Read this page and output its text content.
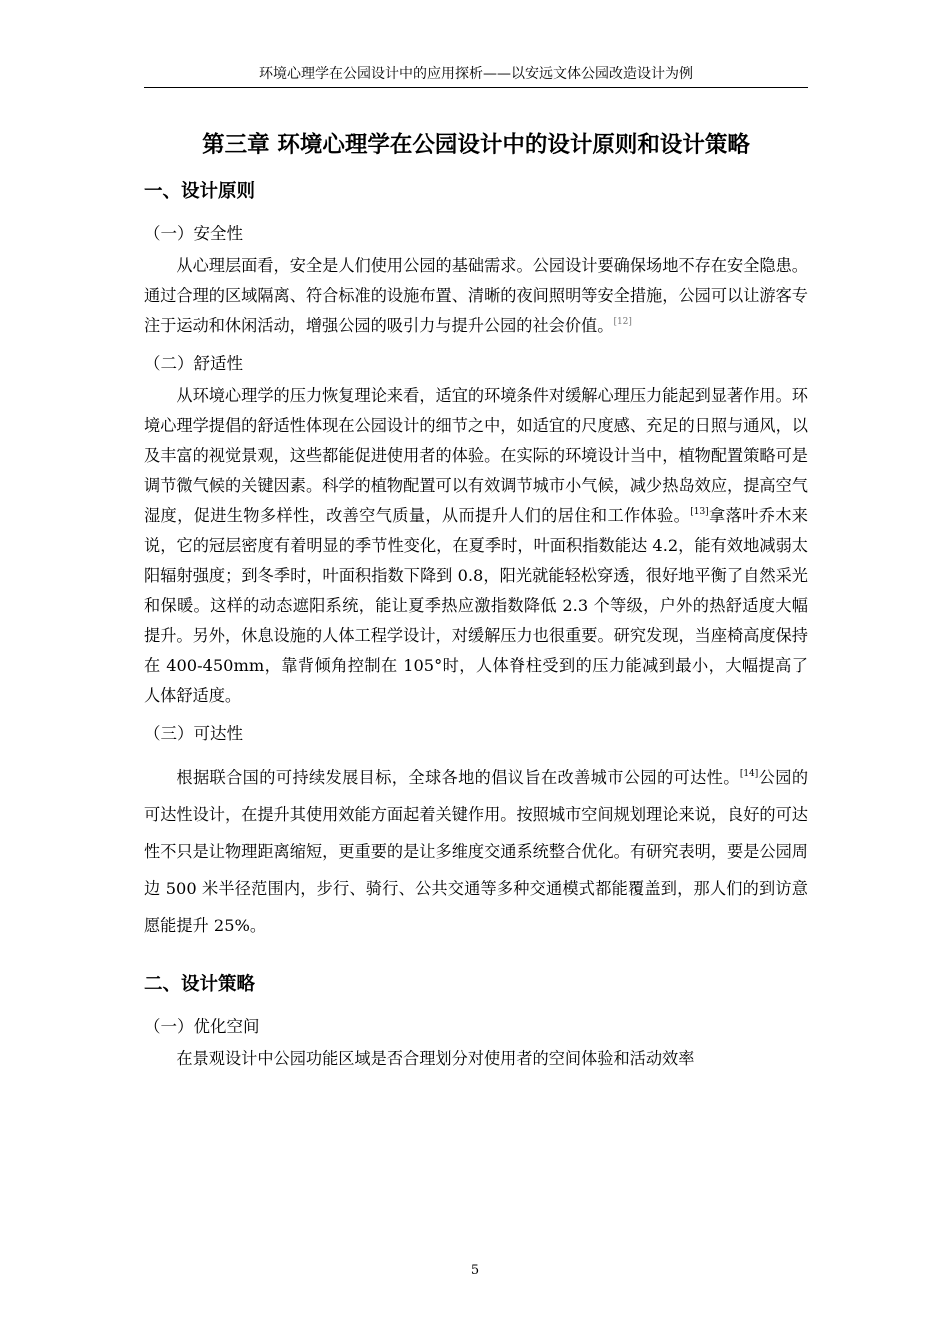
环境心理学在公园设计中的应用探析——以安远文体公园改造设计为例
第三章 环境心理学在公园设计中的设计原则和设计策略
一、设计原则
（一）安全性

从心理层面看，安全是人们使用公园的基础需求。公园设计要确保场地不存在安全隐患。通过合理的区域隔离、符合标准的设施布置、清晰的夜间照明等安全措施，公园可以让游客专注于运动和休闲活动，增强公园的吸引力与提升公园的社会价值。[12]

（二）舒适性

从环境心理学的压力恢复理论来看，适宜的环境条件对缓解心理压力能起到显著作用。环境心理学提倡的舒适性体现在公园设计的细节之中，如适宜的尺度感、充足的日照与通风，以及丰富的视觉景观，这些都能促进使用者的体验。在实际的环境设计当中，植物配置策略可是调节微气候的关键因素。科学的植物配置可以有效调节城市小气候，减少热岛效应，提高空气湿度，促进生物多样性，改善空气质量，从而提升人们的居住和工作体验。[13]拿落叶乔木来说，它的冠层密度有着明显的季节性变化，在夏季时，叶面积指数能达 4.2，能有效地减弱太阳辐射强度；到冬季时，叶面积指数下降到 0.8，阳光就能轻松穿透，很好地平衡了自然采光和保暖。这样的动态遮阳系统，能让夏季热应激指数降低 2.3 个等级，户外的热舒适度大幅提升。另外，休息设施的人体工程学设计，对缓解压力也很重要。研究发现，当座椅高度保持在 400-450mm，靠背倾角控制在 105°时，人体脊柱受到的压力能减到最小，大幅提高了人体舒适度。

（三）可达性

根据联合国的可持续发展目标，全球各地的倡议旨在改善城市公园的可达性。[14]公园的可达性设计，在提升其使用效能方面起着关键作用。按照城市空间规划理论来说，良好的可达性不只是让物理距离缩短，更重要的是让多维度交通系统整合优化。有研究表明，要是公园周边 500 米半径范围内，步行、骑行、公共交通等多种交通模式都能覆盖到，那人们的到访意愿能提升 25%。

二、设计策略
（一）优化空间

在景观设计中公园功能区域是否合理划分对使用者的空间体验和活动效率

5
